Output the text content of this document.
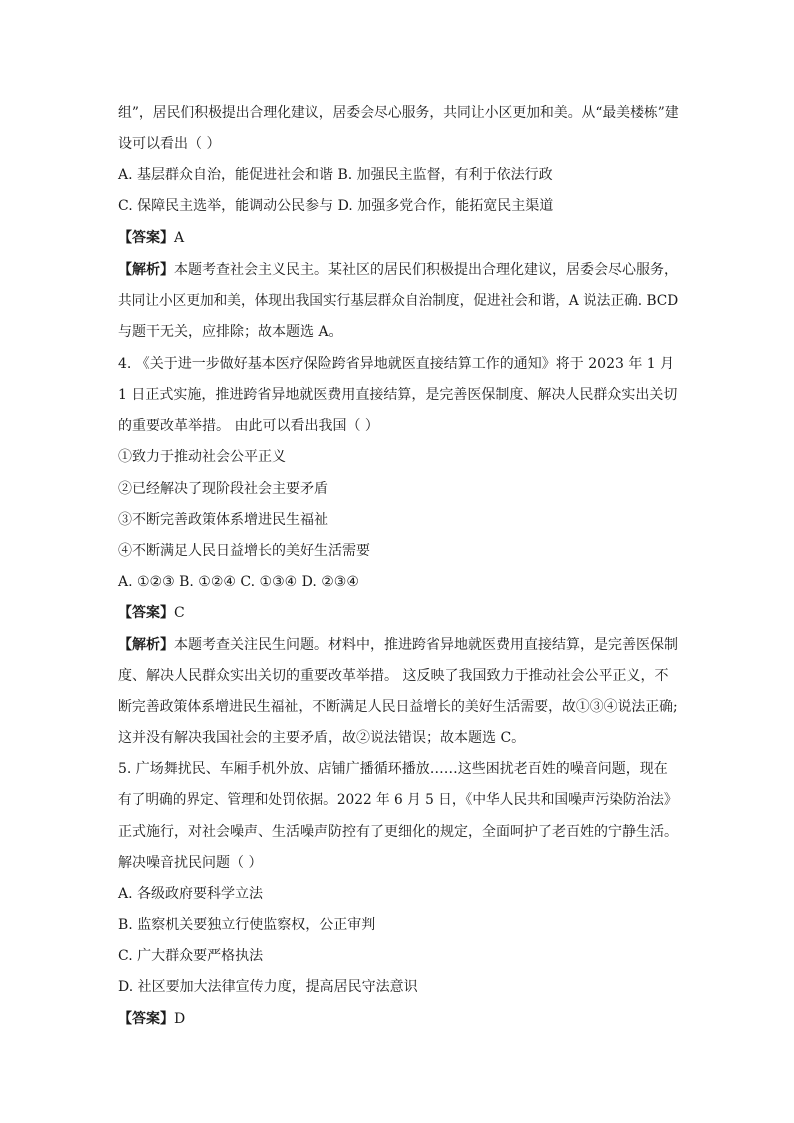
组”，居民们积极提出合理化建议，居委会尽心服务，共同让小区更加和美。从“最美楼栋”建
设可以看出（ ）
A. 基层群众自治，能促进社会和谐 B. 加强民主监督，有利于依法行政
C. 保障民主选举，能调动公民参与 D. 加强多党合作，能拓宽民主渠道
【答案】A
【解析】本题考查社会主义民主。某社区的居民们积极提出合理化建议，居委会尽心服务，
共同让小区更加和美，体现出我国实行基层群众自治制度，促进社会和谐，A 说法正确. BCD
与题干无关，应排除；故本题选 A。
4. 《关于进一步做好基本医疗保险跨省异地就医直接结算工作的通知》将于 2023 年 1 月
1 日正式实施，推进跨省异地就医费用直接结算，是完善医保制度、解决人民群众实出关切
的重要改革举措。 由此可以看出我国（ ）
①致力于推动社会公平正义
②已经解决了现阶段社会主要矛盾
③不断完善政策体系增进民生福祉
④不断满足人民日益增长的美好生活需要
A. ①②③ B. ①②④ C. ①③④ D. ②③④
【答案】C
【解析】本题考查关注民生问题。材料中，推进跨省异地就医费用直接结算，是完善医保制
度、解决人民群众实出关切的重要改革举措。 这反映了我国致力于推动社会公平正义，不
断完善政策体系增进民生福祉，不断满足人民日益增长的美好生活需要，故①③④说法正确;
这并没有解决我国社会的主要矛盾，故②说法错误；故本题选 C。
5. 广场舞扰民、车厢手机外放、店铺广播循环播放……这些困扰老百姓的噪音问题，现在
有了明确的界定、管理和处罚依据。2022 年 6 月 5 日，《中华人民共和国噪声污染防治法》
正式施行，对社会噪声、生活噪声防控有了更细化的规定，全面呵护了老百姓的宁静生活。
解决噪音扰民问题（ ）
A. 各级政府要科学立法
B. 监察机关要独立行使监察权，公正审判
C. 广大群众要严格执法
D. 社区要加大法律宣传力度，提高居民守法意识
【答案】D
